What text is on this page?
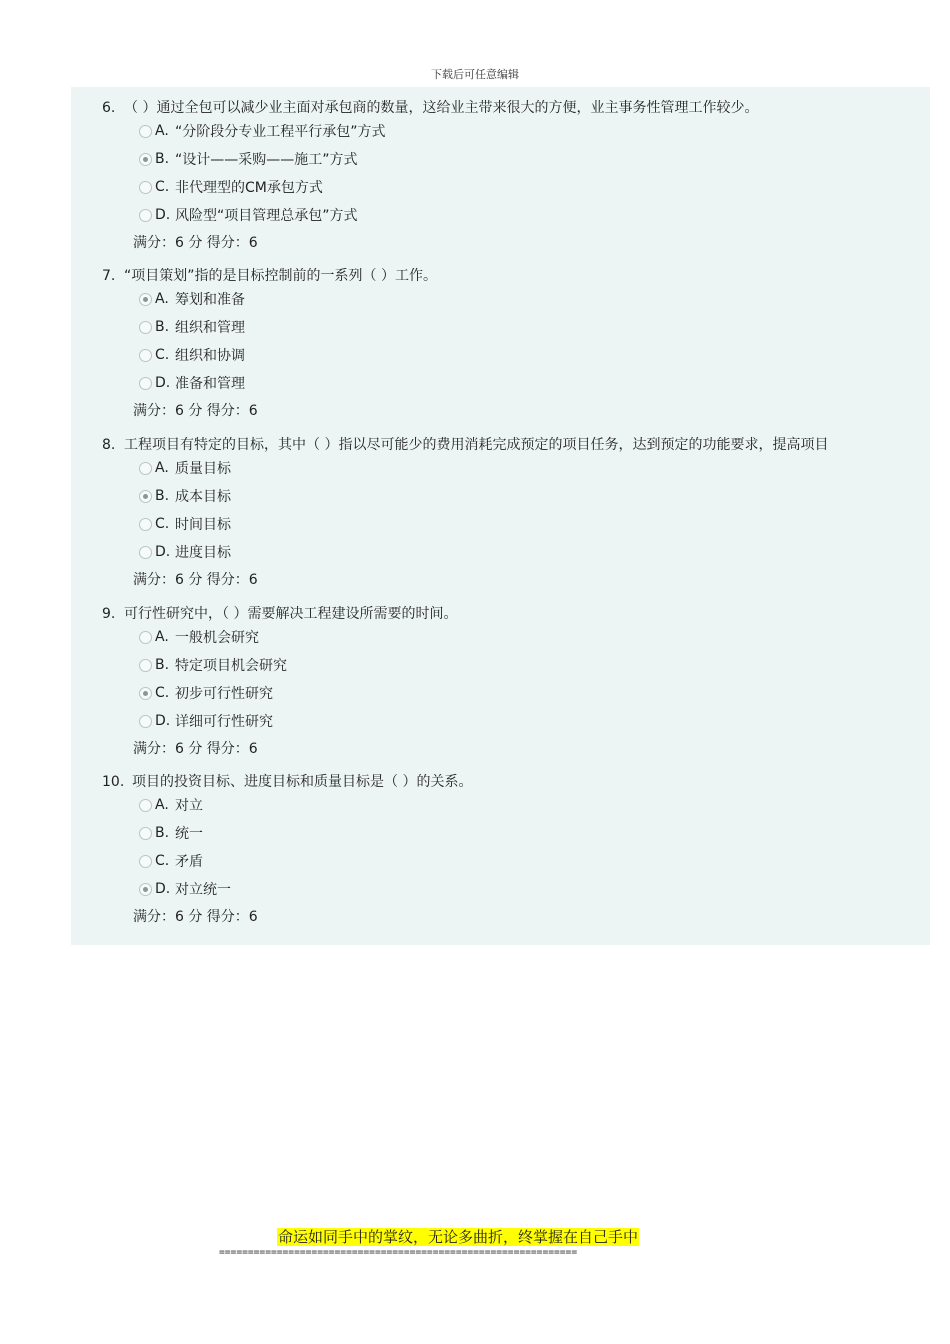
下载后可任意编辑
6. （ ）通过全包可以减少业主面对承包商的数量，这给业主带来很大的方便，业主事务性管理工作较少。
A. “分阶段分专业工程平行承包”方式
B. “设计——采购——施工”方式
C. 非代理型的CM承包方式
D. 风险型“项目管理总承包”方式
满分：6 分 得分：6
7. “项目策划”指的是目标控制前的一系列（ ）工作。
A. 筹划和准备
B. 组织和管理
C. 组织和协调
D. 准备和管理
满分：6 分 得分：6
8. 工程项目有特定的目标，其中（ ）指以尽可能少的费用消耗完成预定的项目任务，达到预定的功能要求，提高项目
A. 质量目标
B. 成本目标
C. 时间目标
D. 进度目标
满分：6 分 得分：6
9. 可行性研究中，（ ）需要解决工程建设所需要的时间。
A. 一般机会研究
B. 特定项目机会研究
C. 初步可行性研究
D. 详细可行性研究
满分：6 分 得分：6
10. 项目的投资目标、进度目标和质量目标是（ ）的关系。
A. 对立
B. 统一
C. 矛盾
D. 对立统一
满分：6 分 得分：6
命运如同手中的掌纹，无论多曲折，终掌握在自己手中
==============================================================
